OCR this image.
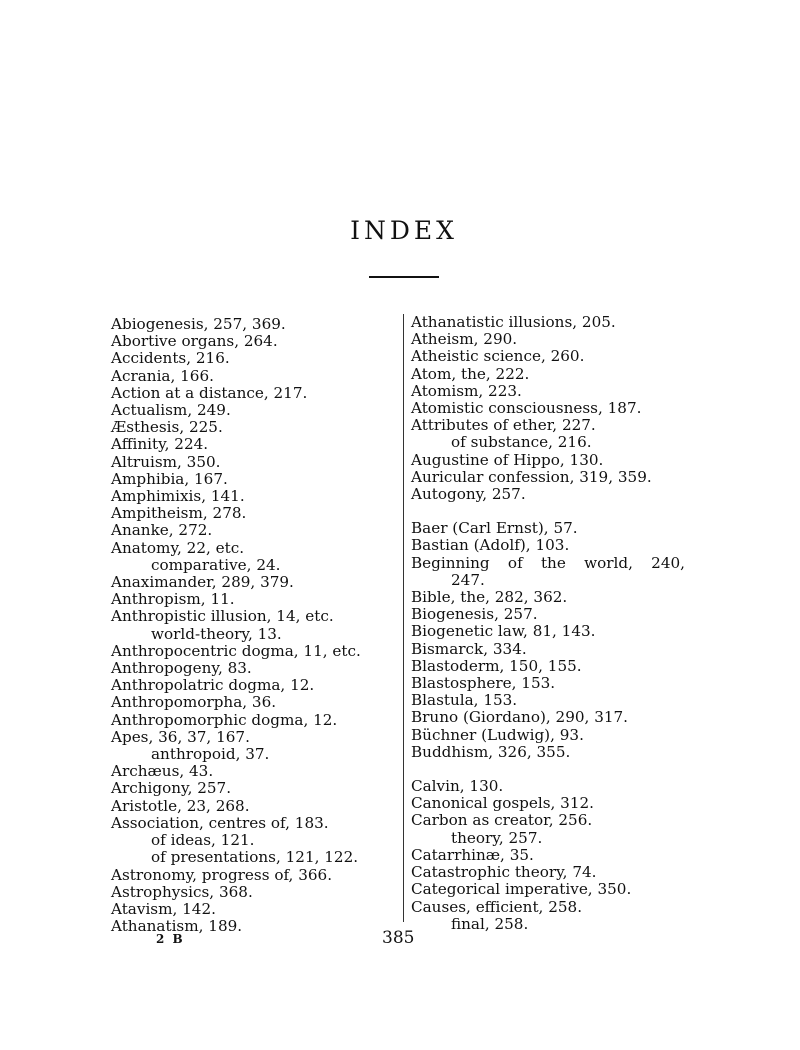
INDEX
Abiogenesis, 257, 369.
Abortive organs, 264.
Accidents, 216.
Acrania, 166.
Action at a distance, 217.
Actualism, 249.
Æsthesis, 225.
Affinity, 224.
Altruism, 350.
Amphibia, 167.
Amphimixis, 141.
Ampitheism, 278.
Ananke, 272.
Anatomy, 22, etc.
comparative, 24.
Anaximander, 289, 379.
Anthropism, 11.
Anthropistic illusion, 14, etc.
world-theory, 13.
Anthropocentric dogma, 11, etc.
Anthropogeny, 83.
Anthropolatric dogma, 12.
Anthropomorpha, 36.
Anthropomorphic dogma, 12.
Apes, 36, 37, 167.
anthropoid, 37.
Archæus, 43.
Archigony, 257.
Aristotle, 23, 268.
Association, centres of, 183.
of ideas, 121.
of presentations, 121, 122.
Astronomy, progress of, 366.
Astrophysics, 368.
Atavism, 142.
Athanatism, 189.
Athanatistic illusions, 205.
Atheism, 290.
Atheistic science, 260.
Atom, the, 222.
Atomism, 223.
Atomistic consciousness, 187.
Attributes of ether, 227.
of substance, 216.
Augustine of Hippo, 130.
Auricular confession, 319, 359.
Autogony, 257.
Baer (Carl Ernst), 57.
Bastian (Adolf), 103.
Beginning of the world, 240,
247.
Bible, the, 282, 362.
Biogenesis, 257.
Biogenetic law, 81, 143.
Bismarck, 334.
Blastoderm, 150, 155.
Blastosphere, 153.
Blastula, 153.
Bruno (Giordano), 290, 317.
Büchner (Ludwig), 93.
Buddhism, 326, 355.
Calvin, 130.
Canonical gospels, 312.
Carbon as creator, 256.
theory, 257.
Catarrhinæ, 35.
Catastrophic theory, 74.
Categorical imperative, 350.
Causes, efficient, 258.
final, 258.
2 B	385
